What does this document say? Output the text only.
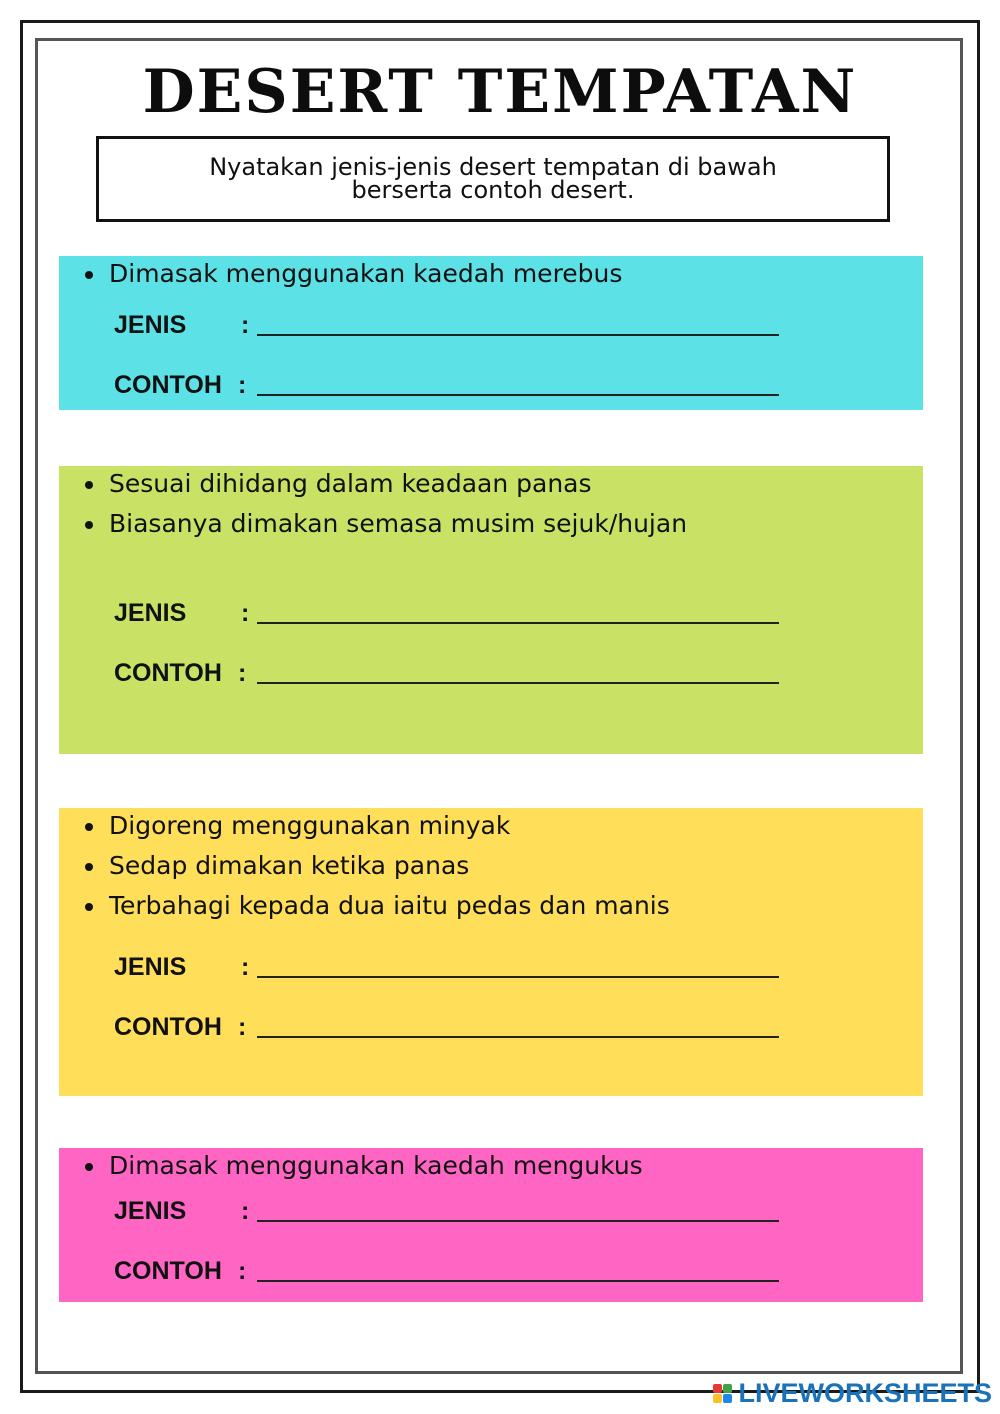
DESERT TEMPATAN
Nyatakan jenis-jenis desert tempatan di bawah berserta contoh desert.
Dimasak menggunakan kaedah merebus
JENIS :
CONTOH :
Sesuai dihidang dalam keadaan panas
Biasanya dimakan semasa musim sejuk/hujan
JENIS :
CONTOH :
Digoreng menggunakan minyak
Sedap dimakan ketika panas
Terbahagi kepada dua iaitu pedas dan manis
JENIS :
CONTOH :
Dimasak menggunakan kaedah mengukus
JENIS :
CONTOH :
LIVEWORKSHEETS
